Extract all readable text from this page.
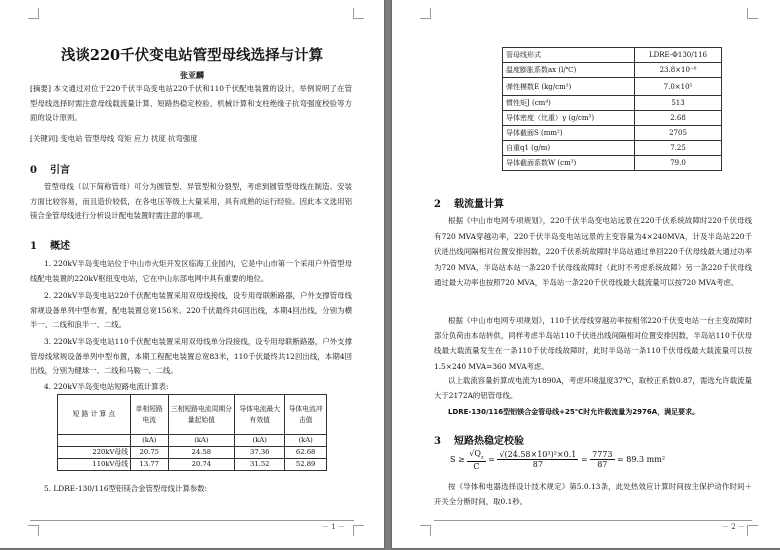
浅谈220千伏变电站管型母线选择与计算
张亚麟
[摘要] 本文通过对位于220千伏半岛变电站220千伏和110千伏配电装置的设计，举例说明了在管型母线选择时需注意母线载流量计算、短路热稳定校验、机械计算和支柱绝缘子抗弯强度校验等方面的设计原则。
[关键词] 变电站 管型母线 弯矩 应力 扰度 抗弯强度
0 引言
管型母线（以下简称管母）可分为圆管型、异管型和分裂型，考虑到圆管型母线在制造、安装方面比较容易，而且造价较低，在各电压等级上大量采用，具有成熟的运行经验。因此本文选用铝镁合金管母线进行分析设计配电装置时需注意的事项。
1 概述
1. 220kV半岛变电站位于中山市火炬开发区临海工业园内，它是中山市第一个采用户外管型母线配电装置的220kV枢纽变电站，它在中山东部电网中具有重要的地位。
2. 220kV半岛变电站220千伏配电装置采用双母线接线，设专用母联断路器，户外支撑管母线常规设备单列中型布置，配电装置总宽156米。220千伏最终共6回出线，本期4回出线，分别为横半一、二线和浪半一、二线。
3. 220kV半岛变电站110千伏配电装置采用双母线单分段接线，设专用母联断路器，户外支撑管母线常规设备单列中型布置，本期工程配电装置总宽83米，110千伏最终共12回出线，本期4回出线，分别为健球一、二线和马鞍一、二线。
4. 220kV半岛变电站短路电流计算表:
短 路 计 算 点	单相短路电流	三相短路电流周期分量起始值	导体电流最大有效值	导体电流冲击值
	(kA)	(kA)	(kA)	(kA)
220kV母线	20.75	24.58	37.36	62.68
110kV母线	13.77	20.74	31.52	52.89
5. LDRE-130/116型铝镁合金管型母线计算参数:
－ 1 －
管母线形式	LDRE-Φ130/116
温度膨胀系数ax (l/℃)	23.8×10⁻⁶
弹性模数E (kg/cm²)	7.0×10⁵
惯性矩J (cm⁴)	513
导体密度（比重）γ (g/cm³)	2.68
导体截面S (mm²)	2705
自重q1 (g/m)	7.25
导体截面系数W (cm³)	79.0
2 载流量计算
根据《中山市电网专项规划》，220千伏半岛变电站远景在220千伏系统故障时220千伏母线有720 MVA穿越功率，220千伏半岛变电站远景的主变容量为4×240MVA，计及半岛站220千伏进出线间隔相对位置安排因数，220千伏系统故障时半岛站通过单回220千伏母线最大通过功率为720 MVA，半岛站本站一条220千伏母线故障时（此时不考虑系统故障）另一条220千伏母线通过最大功率也按照720 MVA，半岛站一条220千伏母线最大载流量可以按720 MVA考虑。
根据《中山市电网专项规划》，110千伏母线穿越功率按相邻220千伏变电站一台主变故障时部分负荷由本站转供，同样考虑半岛站110千伏进出线间隔相对位置安排因数，半岛站110千伏母线最大载流量发生在一条110千伏母线故障时，此时半岛站一条110千伏母线最大载流量可以按1.5×240 MVA=360 MVA考虑。
以上载流容量折算成电流为1890A，考虑环境温度37℃，取校正系数0.87，需选允许载流量大于2172A的铝管母线。
LDRE-130/116型铝镁合金管母线+25℃时允许载流量为2976A，满足要求。
3 短路热稳定校验
$S \ge \frac{√Q_z}{C} = \frac{\text{√(24.58×10³)²×0.1}}{87} = \frac{7773}{87} = 89.3$ mm²
按《导体和电器选择设计技术规定》第5.0.13条，此处热效应计算时间按主保护动作时间＋开关全分断时间，取0.1秒。
－ 2 －
